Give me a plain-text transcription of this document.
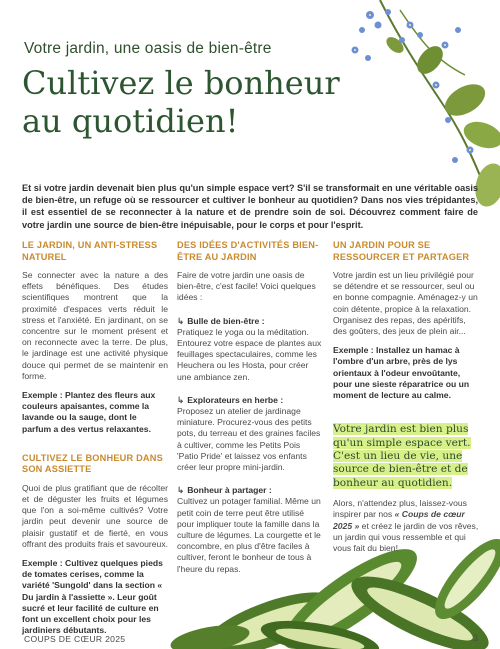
Votre jardin, une oasis de bien-être
Cultivez le bonheur
au quotidien!

Et si votre jardin devenait bien plus qu'un simple espace vert? S'il se transformait en une véritable oasis de bien-être, un refuge où se ressourcer et cultiver le bonheur au quotidien? Dans nos vies trépidantes, il est essentiel de se reconnecter à la nature et de prendre soin de soi. Découvrez comment faire de votre jardin une source de bien-être inépuisable, pour le corps et pour l'esprit.

LE JARDIN, UN ANTI-STRESS NATUREL

Se connecter avec la nature a des effets bénéfiques. Des études scientifiques montrent que la proximité d'espaces verts réduit le stress et l'anxiété. En jardinant, on se concentre sur le moment présent et on reconnecte avec la terre. De plus, le jardinage est une activité physique douce qui permet de se maintenir en forme.

Exemple : Plantez des fleurs aux couleurs apaisantes, comme la lavande ou la sauge, dont le parfum a des vertus relaxantes.

CULTIVEZ LE BONHEUR DANS SON ASSIETTE

Quoi de plus gratifiant que de récolter et de déguster les fruits et légumes que l'on a soi-même cultivés? Votre jardin peut devenir une source de plaisir gustatif et de fierté, en vous offrant des produits frais et savoureux.

Exemple : Cultivez quelques pieds de tomates cerises, comme la variété 'Sungold' dans la section « Du jardin à l'assiette ». Leur goût sucré et leur facilité de culture en font un excellent choix pour les jardiniers débutants.

DES IDÉES D'ACTIVITÉS BIEN-ÊTRE AU JARDIN

Faire de votre jardin une oasis de bien-être, c'est facile! Voici quelques idées :

↳ Bulle de bien-être :

Pratiquez le yoga ou la méditation. Entourez votre espace de plantes aux feuillages spectaculaires, comme les Heuchera ou les Hosta, pour créer une ambiance zen.

↳ Explorateurs en herbe :

Proposez un atelier de jardinage miniature. Procurez-vous des petits pots, du terreau et des graines faciles à cultiver, comme les Petits Pois 'Patio Pride' et laissez vos enfants créer leur propre mini-jardin.

↳ Bonheur à partager :

Cultivez un potager familial. Même un petit coin de terre peut être utilisé pour impliquer toute la famille dans la culture de légumes. La courgette et le concombre, en plus d'être faciles à cultiver, feront le bonheur de tous à l'heure du repas.

UN JARDIN POUR SE RESSOURCER ET PARTAGER

Votre jardin est un lieu privilégié pour se détendre et se ressourcer, seul ou en bonne compagnie. Aménagez-y un coin détente, propice à la relaxation. Organisez des repas, des apéritifs, des goûters, des jeux de plein air...

Exemple : Installez un hamac à l'ombre d'un arbre, près de lys orientaux à l'odeur envoûtante, pour une sieste réparatrice ou un moment de lecture au calme.

Votre jardin est bien plus qu'un simple espace vert. C'est un lieu de vie, une source de bien-être et de bonheur au quotidien.

Alors, n'attendez plus, laissez-vous inspirer par nos « Coups de cœur 2025 » et créez le jardin de vos rêves, un jardin qui vous ressemble et qui vous fait du bien!

COUPS DE CŒUR 2025	3
